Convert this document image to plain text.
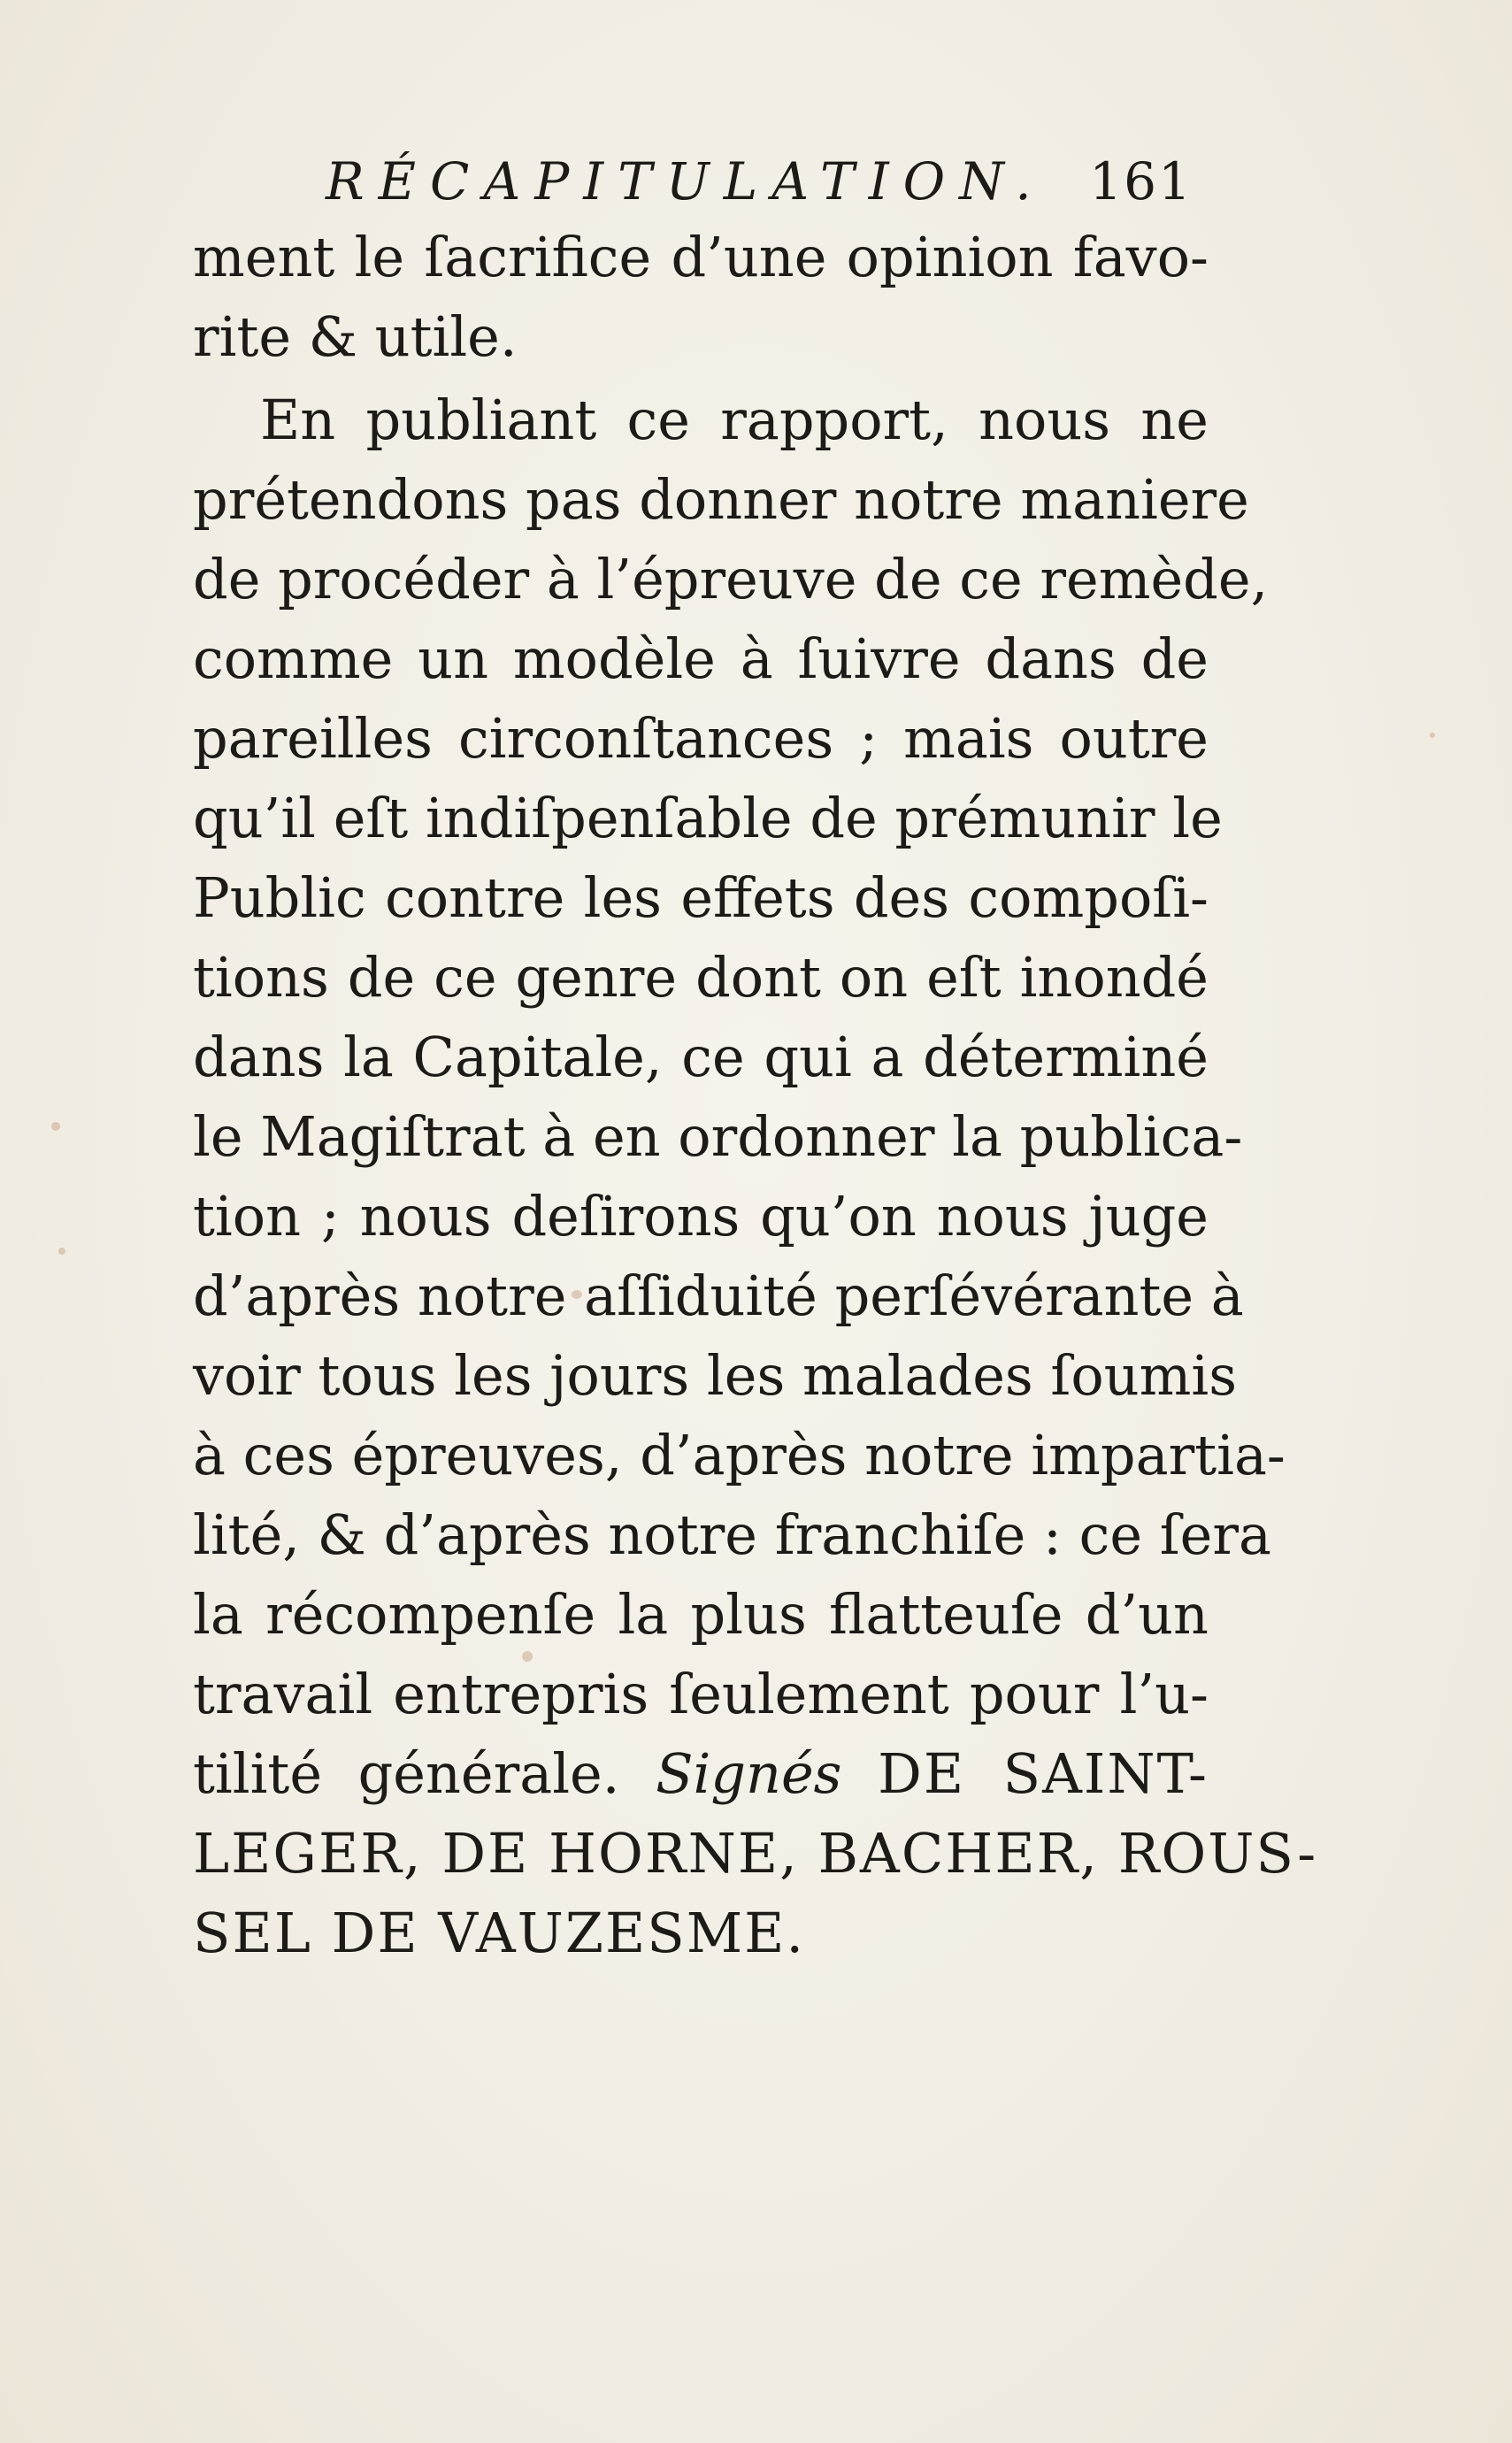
RÉCAPITULATION. 161
ment le ſacrifice d’une opinion favo-
rite & utile.
En publiant ce rapport, nous ne
prétendons pas donner notre maniere
de procéder à l’épreuve de ce remède,
comme un modèle à ſuivre dans de
pareilles circonſtances ; mais outre
qu’il eſt indiſpenſable de prémunir le
Public contre les effets des compoſi-
tions de ce genre dont on eſt inondé
dans la Capitale, ce qui a déterminé
le Magiſtrat à en ordonner la publica-
tion ; nous deſirons qu’on nous juge
d’après notre aſſiduité perſévérante à
voir tous les jours les malades ſoumis
à ces épreuves, d’après notre impartia-
lité, & d’après notre franchiſe : ce ſera
la récompenſe la plus flatteuſe d’un
travail entrepris ſeulement pour l’u-
tilité générale. Signés DE SAINT-
LEGER, DE HORNE, BACHER, ROUS-
SEL DE VAUZESME.
